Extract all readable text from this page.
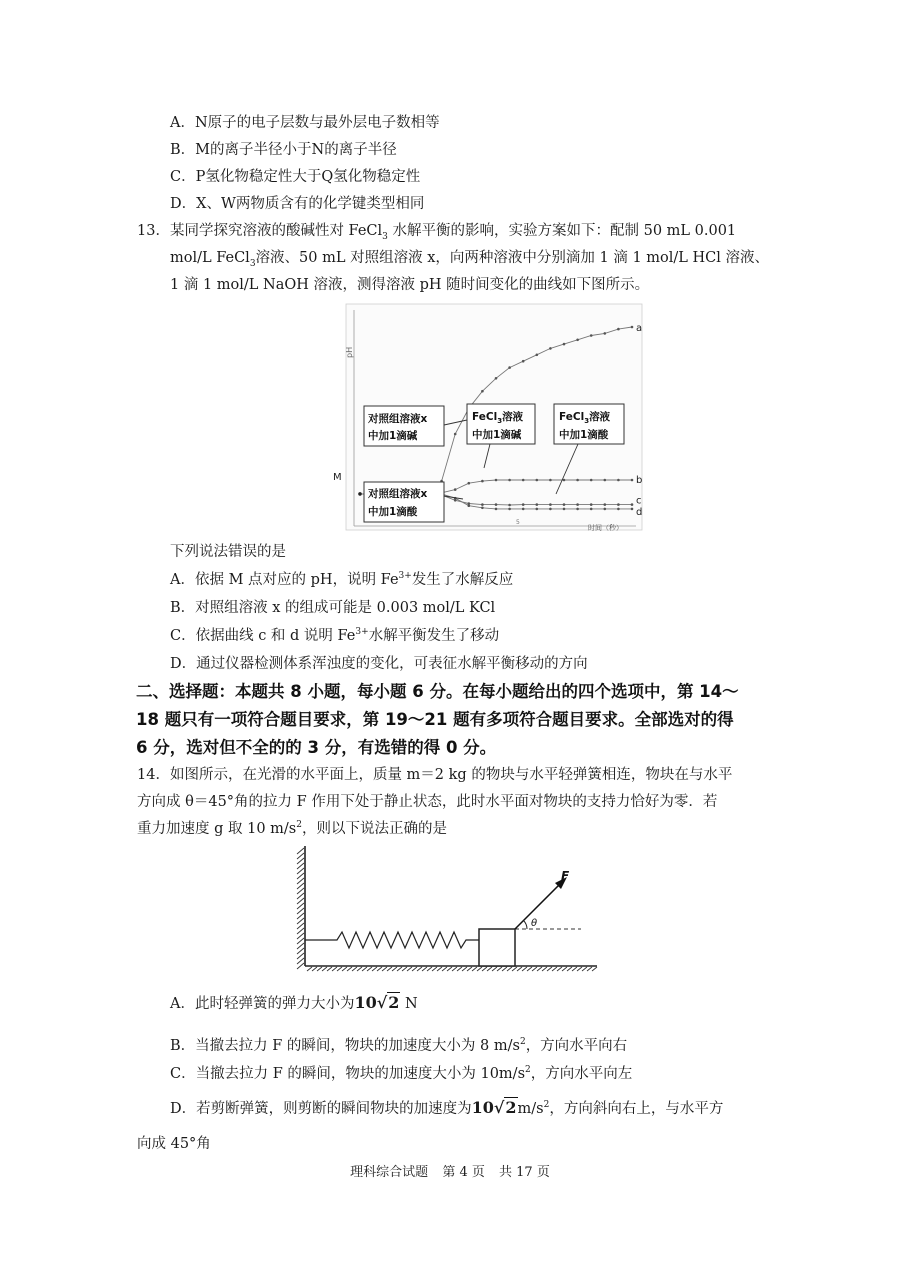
A．N原子的电子层数与最外层电子数相等
B．M的离子半径小于N的离子半径
C．P氢化物稳定性大于Q氢化物稳定性
D．X、W两物质含有的化学键类型相同
13．某同学探究溶液的酸碱性对 FeCl$_3$ 水解平衡的影响，实验方案如下：配制 50 mL 0.001
mol/L FeCl$_3$溶液、50 mL 对照组溶液 x，向两种溶液中分别滴加 1 滴 1 mol/L HCl 溶液、
1 滴 1 mol/L NaOH 溶液，测得溶液 pH 随时间变化的曲线如下图所示。
pH
时间（秒）
5
M
a
b
c
d
对照组溶液x
中加1滴碱
FeCl$_3$溶液
中加1滴碱
FeCl$_3$溶液
中加1滴酸
对照组溶液x
中加1滴酸
下列说法错误的是
A．依据 M 点对应的 pH，说明 $Fe^{3+}$发生了水解反应
B．对照组溶液 x 的组成可能是 0.003 mol/L KCl
C．依据曲线 c 和 d 说明 $Fe^{3+}$水解平衡发生了移动
D．通过仪器检测体系浑浊度的变化，可表征水解平衡移动的方向
二、选择题：本题共 8 小题，每小题 6 分。在每小题给出的四个选项中，第 14～
18 题只有一项符合题目要求，第 19～21 题有多项符合题目要求。全部选对的得
6 分，选对但不全的的 3 分，有选错的得 0 分。
14．如图所示，在光滑的水平面上，质量 m＝2 kg 的物块与水平轻弹簧相连，物块在与水平
方向成 θ＝45°角的拉力 F 作用下处于静止状态，此时水平面对物块的支持力恰好为零．若
重力加速度 g 取 10 $m/s^2$，则以下说法正确的是
F
θ
A．此时轻弹簧的弹力大小为10√2 N
B．当撤去拉力 F 的瞬间，物块的加速度大小为 8 $m/s^2$，方向水平向右
C．当撤去拉力 F 的瞬间，物块的加速度大小为 $10m/s^2$，方向水平向左
D．若剪断弹簧，则剪断的瞬间物块的加速度为$10√2m/s^2$，方向斜向右上，与水平方
向成 45°角
理科综合试题 第 4 页 共 17 页
